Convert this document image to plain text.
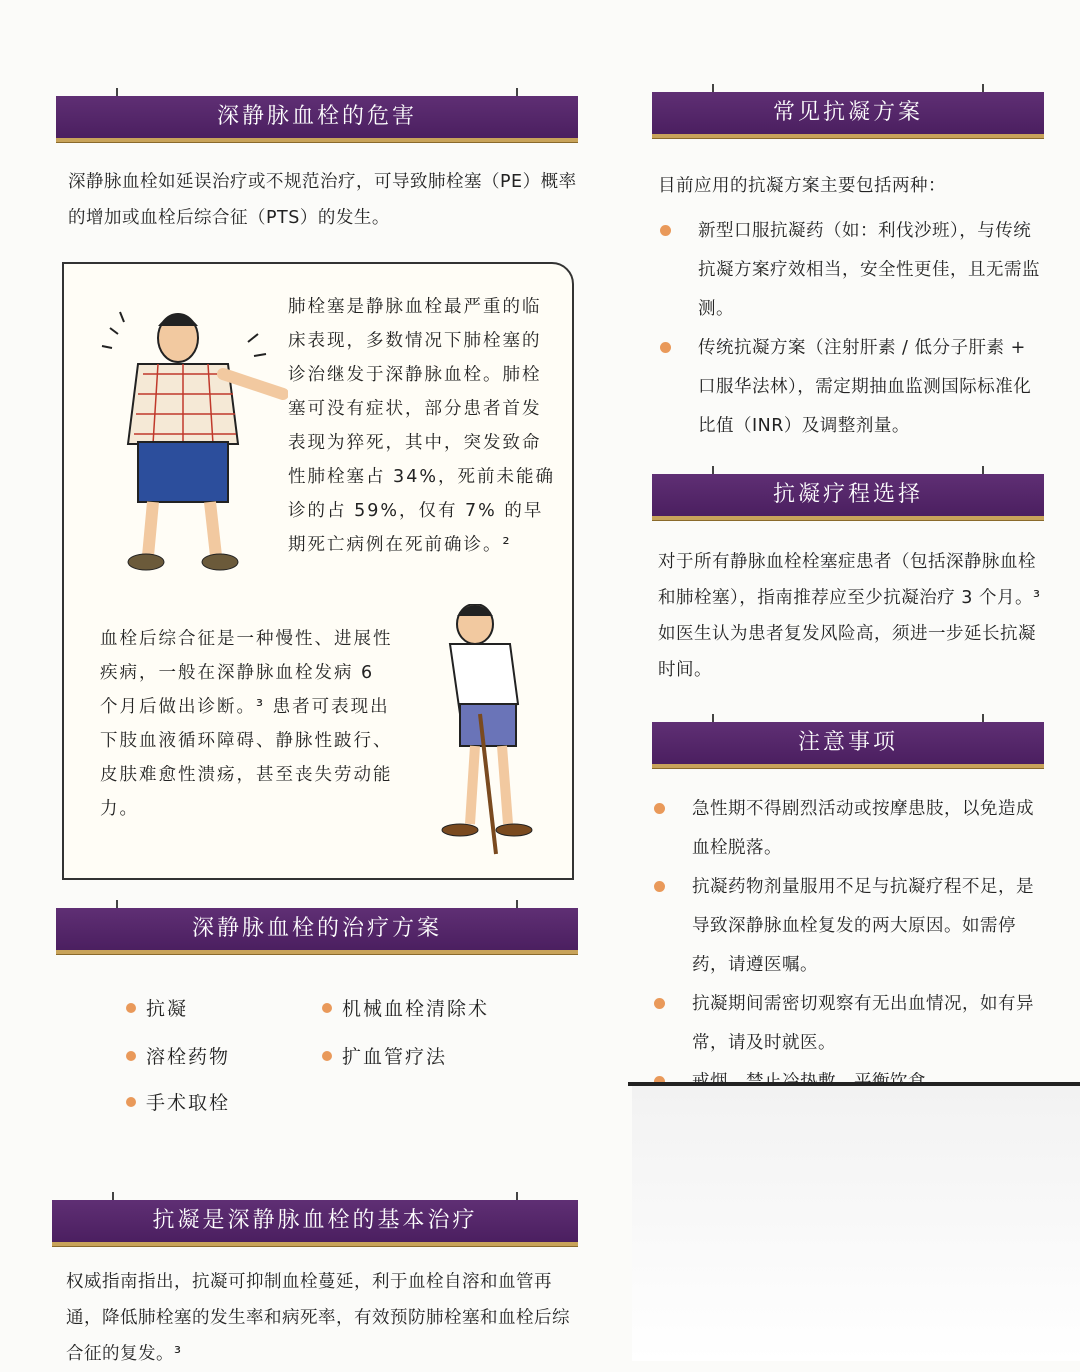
深静脉血栓的危害

深静脉血栓如延误治疗或不规范治疗，可导致肺栓塞（PE）概率的增加或血栓后综合征（PTS）的发生。

肺栓塞是静脉血栓最严重的临床表现，多数情况下肺栓塞的诊治继发于深静脉血栓。肺栓塞可没有症状，部分患者首发表现为猝死，其中，突发致命性肺栓塞占 34%，死前未能确诊的占 59%，仅有 7% 的早期死亡病例在死前确诊。²
血栓后综合征是一种慢性、进展性疾病，一般在深静脉血栓发病 6 个月后做出诊断。³ 患者可表现出下肢血液循环障碍、静脉性跛行、皮肤难愈性溃疡，甚至丧失劳动能力。
深静脉血栓的治疗方案
抗凝	机械血栓清除术
溶栓药物	扩血管疗法
手术取栓
抗凝是深静脉血栓的基本治疗

权威指南指出，抗凝可抑制血栓蔓延，利于血栓自溶和血管再通，降低肺栓塞的发生率和病死率，有效预防肺栓塞和血栓后综合征的复发。³

常见抗凝方案

目前应用的抗凝方案主要包括两种：

新型口服抗凝药（如：利伐沙班），与传统抗凝方案疗效相当，安全性更佳，且无需监测。
传统抗凝方案（注射肝素 / 低分子肝素 + 口服华法林），需定期抽血监测国际标准化比值（INR）及调整剂量。
抗凝疗程选择

对于所有静脉血栓栓塞症患者（包括深静脉血栓和肺栓塞），指南推荐应至少抗凝治疗 3 个月。³ 如医生认为患者复发风险高，须进一步延长抗凝时间。

注意事项
急性期不得剧烈活动或按摩患肢，以免造成血栓脱落。
抗凝药物剂量服用不足与抗凝疗程不足，是导致深静脉血栓复发的两大原因。如需停药，请遵医嘱。
抗凝期间需密切观察有无出血情况，如有异常，请及时就医。
